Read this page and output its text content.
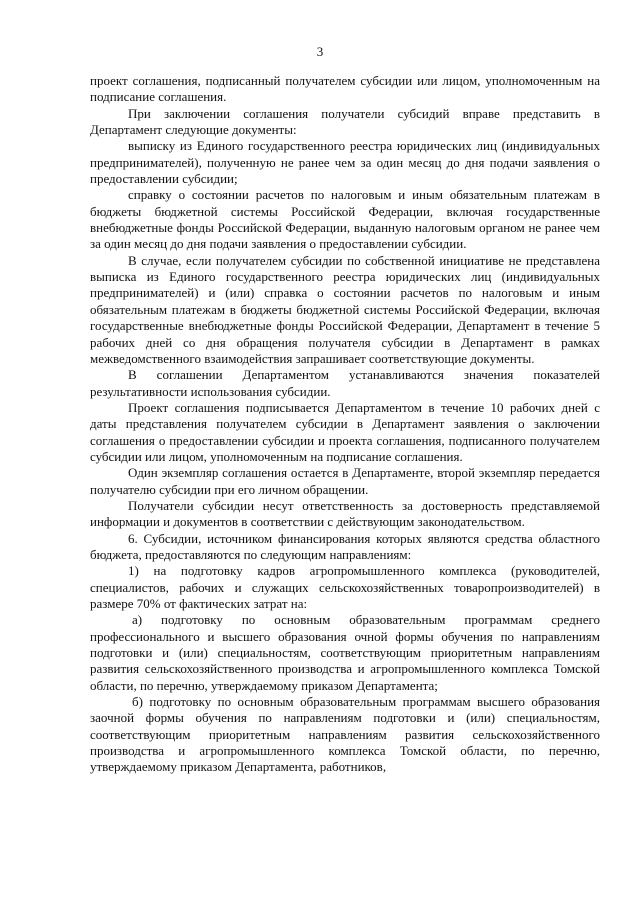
3

проект соглашения, подписанный получателем субсидии или лицом, уполномоченным на подписание соглашения.

При заключении соглашения получатели субсидий вправе представить в Департамент следующие документы:

выписку из Единого государственного реестра юридических лиц (индивидуальных предпринимателей), полученную не ранее чем за один месяц до дня подачи заявления о предоставлении субсидии;

справку о состоянии расчетов по налоговым и иным обязательным платежам в бюджеты бюджетной системы Российской Федерации, включая государственные внебюджетные фонды Российской Федерации, выданную налоговым органом не ранее чем за один месяц до дня подачи заявления о предоставлении субсидии.

В случае, если получателем субсидии по собственной инициативе не представлена выписка из Единого государственного реестра юридических лиц (индивидуальных предпринимателей) и (или) справка о состоянии расчетов по налоговым и иным обязательным платежам в бюджеты бюджетной системы Российской Федерации, включая государственные внебюджетные фонды Российской Федерации, Департамент в течение 5 рабочих дней со дня обращения получателя субсидии в Департамент в рамках межведомственного взаимодействия запрашивает соответствующие документы.

В соглашении Департаментом устанавливаются значения показателей результативности использования субсидии.

Проект соглашения подписывается Департаментом в течение 10 рабочих дней с даты представления получателем субсидии в Департамент заявления о заключении соглашения о предоставлении субсидии и проекта соглашения, подписанного получателем субсидии или лицом, уполномоченным на подписание соглашения.

Один экземпляр соглашения остается в Департаменте, второй экземпляр передается получателю субсидии при его личном обращении.

Получатели субсидии несут ответственность за достоверность представляемой информации и документов в соответствии с действующим законодательством.

6. Субсидии, источником финансирования которых являются средства областного бюджета, предоставляются по следующим направлениям:

1) на подготовку кадров агропромышленного комплекса (руководителей, специалистов, рабочих и служащих сельскохозяйственных товаропроизводителей) в размере 70% от фактических затрат на:

а) подготовку по основным образовательным программам среднего профессионального и высшего образования очной формы обучения по направлениям подготовки и (или) специальностям, соответствующим приоритетным направлениям развития сельскохозяйственного производства и агропромышленного комплекса Томской области, по перечню, утверждаемому приказом Департамента;

б) подготовку по основным образовательным программам высшего образования заочной формы обучения по направлениям подготовки и (или) специальностям, соответствующим приоритетным направлениям развития сельскохозяйственного производства и агропромышленного комплекса Томской области, по перечню, утверждаемому приказом Департамента, работников,
